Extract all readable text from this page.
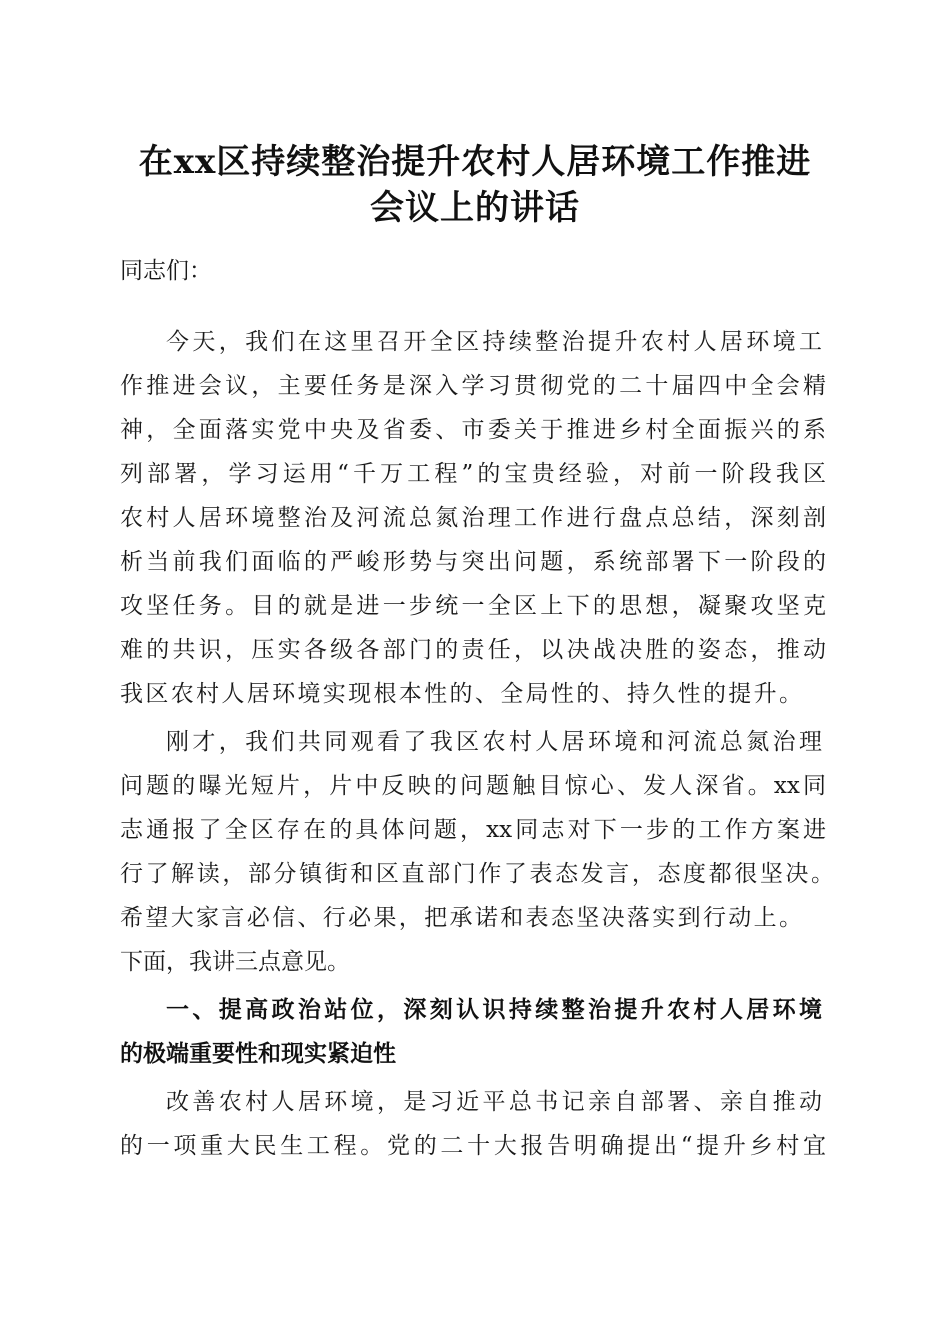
在xx区持续整治提升农村人居环境工作推进
会议上的讲话
同志们：
今天，我们在这里召开全区持续整治提升农村人居环境工
作推进会议，主要任务是深入学习贯彻党的二十届四中全会精
神，全面落实党中央及省委、市委关于推进乡村全面振兴的系
列部署，学习运用“千万工程”的宝贵经验，对前一阶段我区
农村人居环境整治及河流总氮治理工作进行盘点总结，深刻剖
析当前我们面临的严峻形势与突出问题，系统部署下一阶段的
攻坚任务。目的就是进一步统一全区上下的思想，凝聚攻坚克
难的共识，压实各级各部门的责任，以决战决胜的姿态，推动
我区农村人居环境实现根本性的、全局性的、持久性的提升。
刚才，我们共同观看了我区农村人居环境和河流总氮治理
问题的曝光短片，片中反映的问题触目惊心、发人深省。xx同
志通报了全区存在的具体问题，xx同志对下一步的工作方案进
行了解读，部分镇街和区直部门作了表态发言，态度都很坚决。
希望大家言必信、行必果，把承诺和表态坚决落实到行动上。
下面，我讲三点意见。
一、提高政治站位，深刻认识持续整治提升农村人居环境
的极端重要性和现实紧迫性
改善农村人居环境，是习近平总书记亲自部署、亲自推动
的一项重大民生工程。党的二十大报告明确提出“提升乡村宜
